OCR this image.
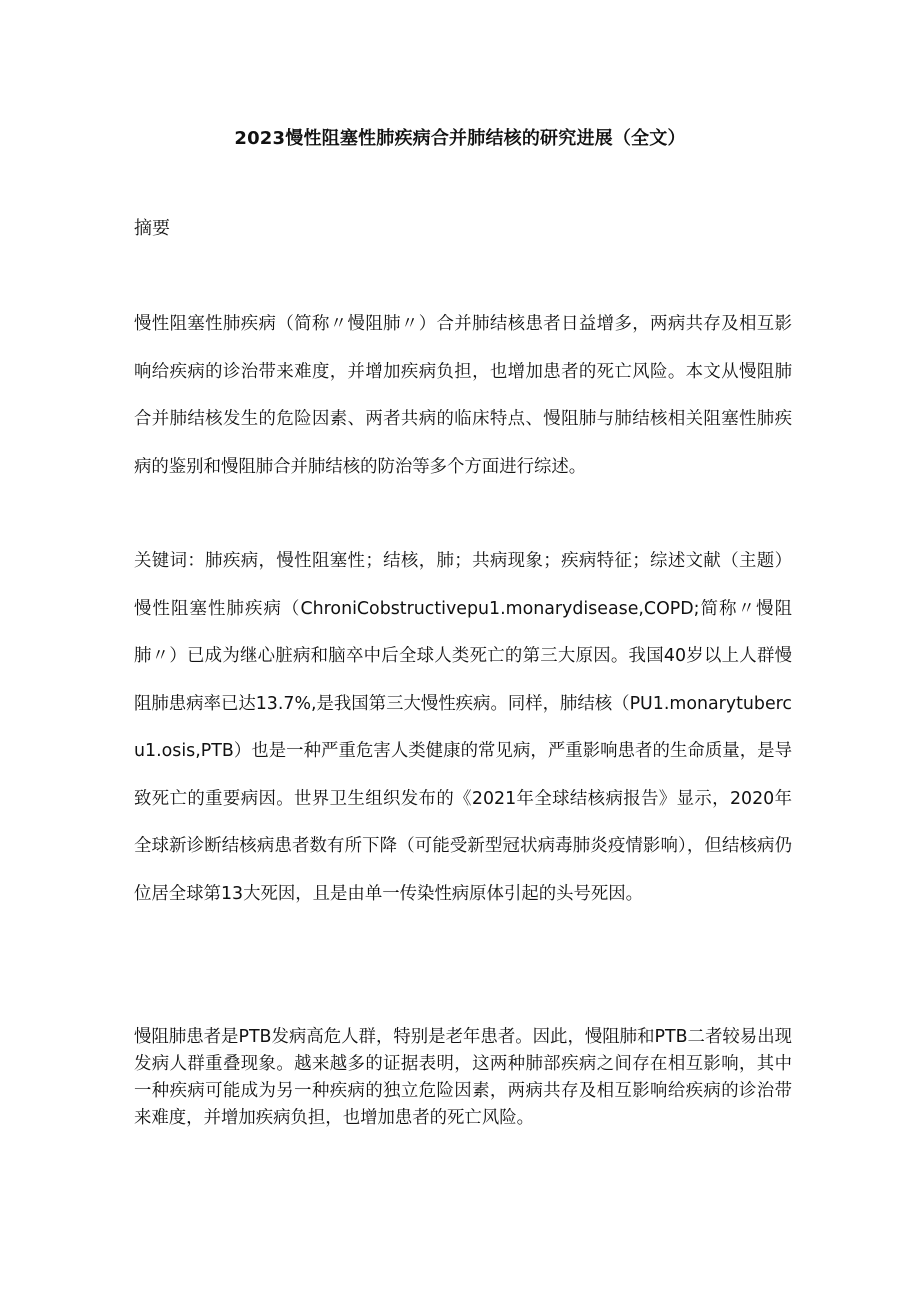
2023慢性阻塞性肺疾病合并肺结核的研究进展（全文）
摘要

慢性阻塞性肺疾病（简称〃慢阻肺〃）合并肺结核患者日益增多，两病共存及相互影响给疾病的诊治带来难度，并增加疾病负担，也增加患者的死亡风险。本文从慢阻肺合并肺结核发生的危险因素、两者共病的临床特点、慢阻肺与肺结核相关阻塞性肺疾病的鉴别和慢阻肺合并肺结核的防治等多个方面进行综述。

关键词：肺疾病，慢性阻塞性；结核，肺；共病现象；疾病特征；综述文献（主题）慢性阻塞性肺疾病（ChroniCobstructivepu1.monarydisease,COPD;简称〃慢阻肺〃）已成为继心脏病和脑卒中后全球人类死亡的第三大原因。我国40岁以上人群慢阻肺患病率已达13.7%,是我国第三大慢性疾病。同样，肺结核（PU1.monarytubercu1.osis,PTB）也是一种严重危害人类健康的常见病，严重影响患者的生命质量，是导致死亡的重要病因。世界卫生组织发布的《2021年全球结核病报告》显示，2020年全球新诊断结核病患者数有所下降（可能受新型冠状病毒肺炎疫情影响），但结核病仍位居全球第13大死因，且是由单一传染性病原体引起的头号死因。

慢阻肺患者是PTB发病高危人群，特别是老年患者。因此，慢阻肺和PTB二者较易出现发病人群重叠现象。越来越多的证据表明，这两种肺部疾病之间存在相互影响，其中一种疾病可能成为另一种疾病的独立危险因素，两病共存及相互影响给疾病的诊治带来难度，并增加疾病负担，也增加患者的死亡风险。
